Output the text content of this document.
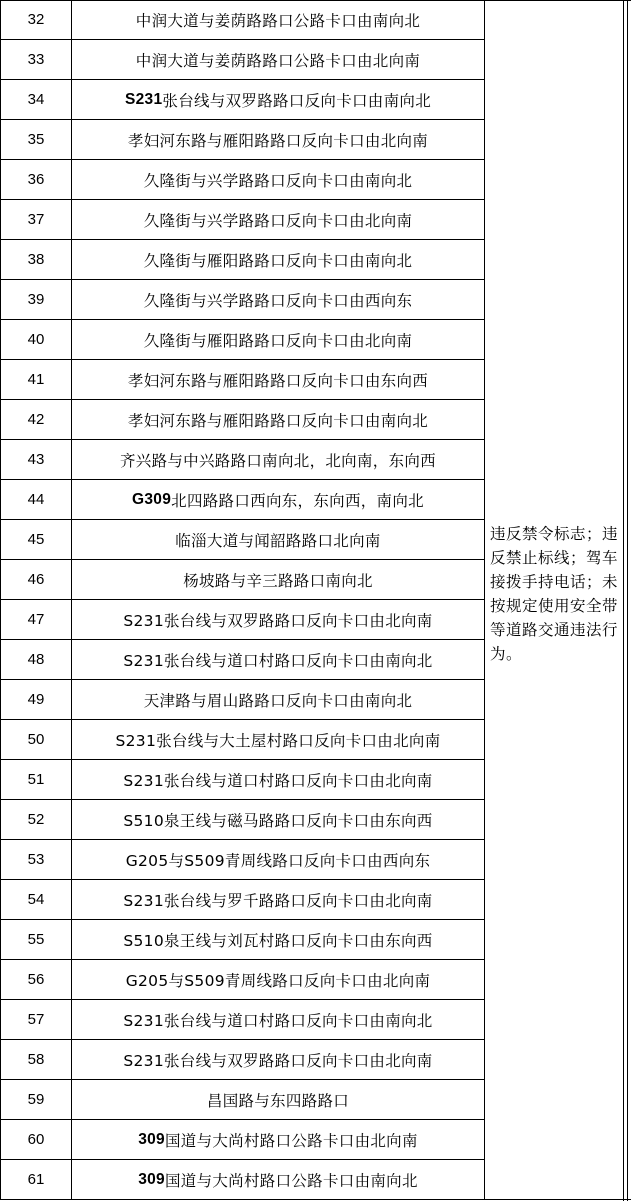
32	中润大道与姜荫路路口公路卡口由南向北
33	中润大道与姜荫路路口公路卡口由北向南
34	S231 张台线与双罗路路口反向卡口由南向北
35	孝妇河东路与雁阳路路口反向卡口由北向南
36	久隆街与兴学路路口反向卡口由南向北
37	久隆街与兴学路路口反向卡口由北向南
38	久隆街与雁阳路路口反向卡口由南向北
39	久隆街与兴学路路口反向卡口由西向东
40	久隆街与雁阳路路口反向卡口由北向南
41	孝妇河东路与雁阳路路口反向卡口由东向西
42	孝妇河东路与雁阳路路口反向卡口由南向北
43	齐兴路与中兴路路口南向北，北向南，东向西
44	G309 北四路路口西向东，东向西，南向北
45	临淄大道与闻韶路路口北向南
46	杨坡路与辛三路路口南向北
47	S231张台线与双罗路路口反向卡口由北向南
48	S231张台线与道口村路口反向卡口由南向北
49	天津路与眉山路路口反向卡口由南向北
50	S231张台线与大土屋村路口反向卡口由北向南
51	S231张台线与道口村路口反向卡口由北向南
52	S510泉王线与磁马路路口反向卡口由东向西
53	G205与S509青周线路口反向卡口由西向东
54	S231张台线与罗千路路口反向卡口由北向南
55	S510泉王线与刘瓦村路口反向卡口由东向西
56	G205与S509青周线路口反向卡口由北向南
57	S231张台线与道口村路口反向卡口由南向北
58	S231张台线与双罗路路口反向卡口由北向南
59	昌国路与东四路路口
60	309 国道与大尚村路口公路卡口由北向南
61	309 国道与大尚村路口公路卡口由南向北
违反禁令标志；违反禁止标线；驾车接拨手持电话；未按规定使用安全带等道路交通违法行为。
